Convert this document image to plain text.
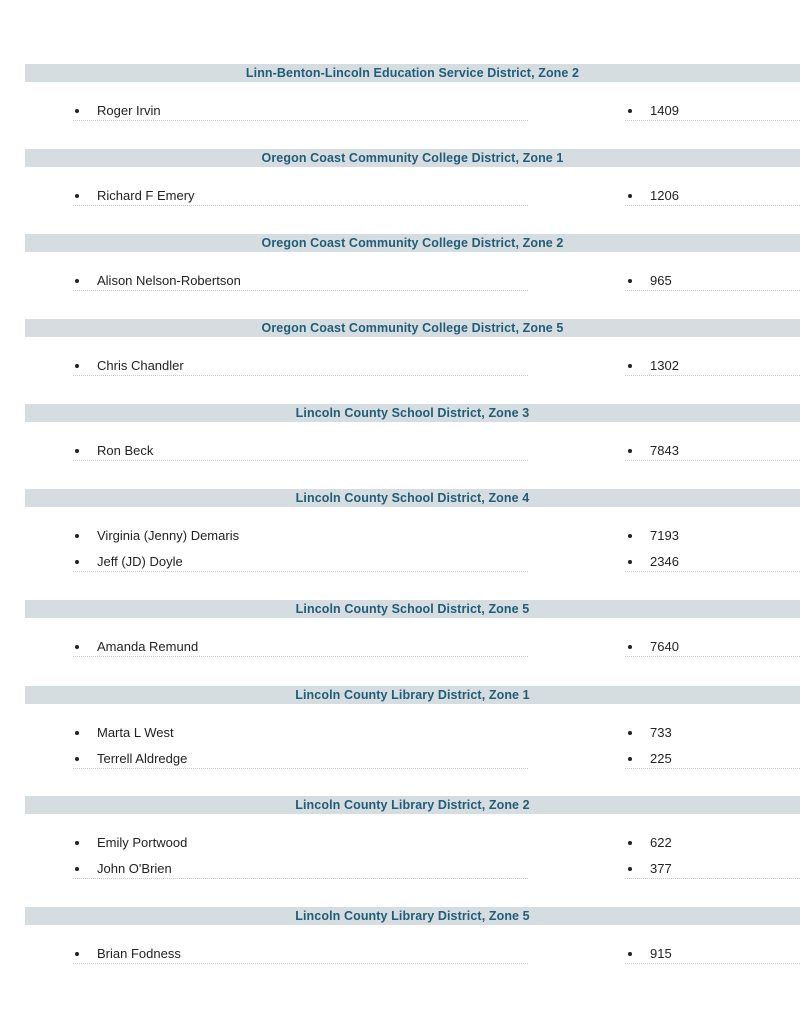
Linn-Benton-Lincoln Education Service District, Zone 2
Roger Irvin	1409
Oregon Coast Community College District, Zone 1
Richard F Emery	1206
Oregon Coast Community College District, Zone 2
Alison Nelson-Robertson	965
Oregon Coast Community College District, Zone 5
Chris Chandler	1302
Lincoln County School District, Zone 3
Ron Beck	7843
Lincoln County School District, Zone 4
Virginia (Jenny) Demaris	7193
Jeff (JD) Doyle	2346
Lincoln County School District, Zone 5
Amanda Remund	7640
Lincoln County Library District, Zone 1
Marta L West	733
Terrell Aldredge	225
Lincoln County Library District, Zone 2
Emily Portwood	622
John O'Brien	377
Lincoln County Library District, Zone 5
Brian Fodness	915
